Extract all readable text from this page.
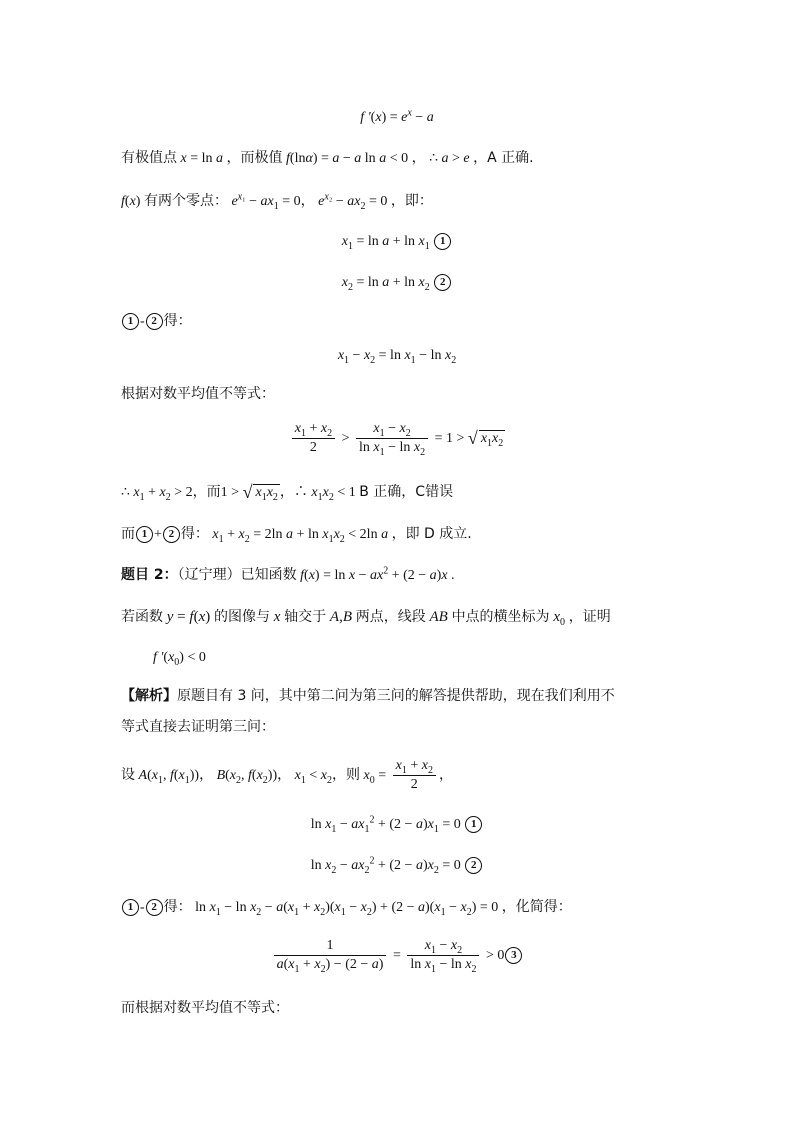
f '$(x) = e^x - a$
有极值点 x = ln a ，而极值 f(lnα) = a − a ln a < 0 ， ∴ a > e ，A 正确.
f(x) 有两个零点： $e^{x_1} - ax_1 = 0$， $e^{x_2} - ax_2 = 0$ ，即：
$x_1 = \ln a + \ln x_1$ 1
$x_2 = \ln a + \ln x_2$ 2
1 - 2 得：
$x_1 - x_2 = \ln x_1 - \ln x_2$
根据对数平均值不等式：
$\frac{x_1 + x_2}{2} > \frac{x_1 - x_2}{\ln x_1 - \ln x_2} = 1$ > √ $x_1x_2$
∴ $x_1 + x_2 > 2$，而1 > √ $x_1x_2$ ，∴ $x_1x_2 < 1$ B 正确，C错误
而 1 + 2 得： $x_1 + x_2 = 2\ln$ $a + \ln x_1x_2 < 2\ln$ a ，即 D 成立.
题目 2：（辽宁理）已知函数 $f(x) = \ln x - ax^2 + (2 - a)x$ .
若函数 y = f(x) 的图像与 x 轴交于 A,B 两点，线段 AB 中点的横坐标为 $x_0$ ，证明
f '$(x_0) < 0$
【解析】原题目有 3 问，其中第二问为第三问的解答提供帮助，现在我们利用不
等式直接去证明第三问：
设 $A(x_1$, $f(x_1)$)， $B(x_2$, $f(x_2)$)， $x_1 < x_2$，则 $x_0 = \frac{x_1 + x_2}{2}$ ，
$\ln x_1 - ax_1^2 + (2 - a)x_1 = 0$ 1
$\ln x_2 - ax_2^2 + (2 - a)x_2 = 0$ 2
1 - 2 得： $\ln x_1 - \ln x_2 - a(x_1 + x_2)(x_1 - x_2) + (2 - a)(x_1 - x_2) = 0$ ，化简得：
$\frac{1}{a(x_1 + x_2) - (2 - a)} = \frac{x_1 - x_2}{\ln x_1 - \ln x_2} > 0$ 3
而根据对数平均值不等式：
